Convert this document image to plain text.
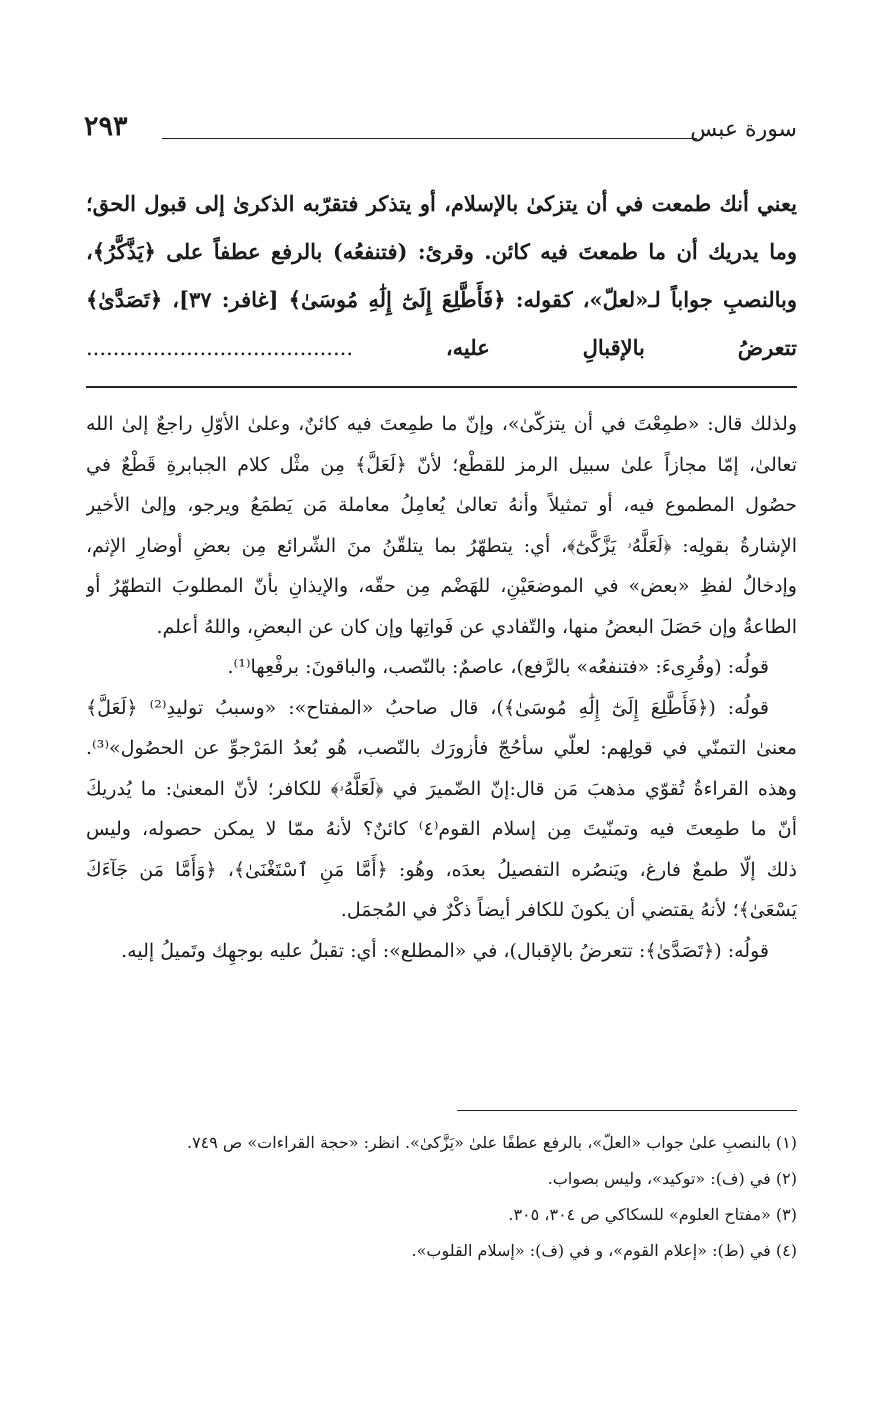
٢٩٣	سورة عبس
يعني أنك طمعت في أن يتزكىٰ بالإسلام، أو يتذكر فتقرّبه الذكرىٰ إلى قبول الحق؛
وما يدريك أن ما طمعتَ فيه كائن. وقرئ: (فتنفعُه) بالرفع عطفاً على ﴿يَذَّكَّرُ﴾،
وبالنصبِ جواباً لـ«لعلّ»، كقوله: ﴿فَأَطَّلِعَ إِلَىٰٓ إِلَٰهِ مُوسَىٰ﴾ [غافر: ٣٧]، ﴿تَصَدَّىٰ﴾
تتعرضُ بالإقبالِ عليه، ........................................
ولذلك قال: «طمِعْتَ في أن يتزكّىٰ»، وإنّ ما طمِعتَ فيه كائنٌ، وعلىٰ الأوّلِ راجعٌ إلىٰ الله
تعالىٰ، إمّا مجازاً علىٰ سبيل الرمز للقطْع؛ لأنّ ﴿لَعَلَّ﴾ مِن مثْل كلام الجبابرةِ قَطْعٌ في
حصُول المطموع فيه، أو تمثيلاً وأنهُ تعالىٰ يُعامِلُ معاملة مَن يَطمَعُ ويرجو، وإلىٰ الأخير
الإشارةُ بقولِه: ﴿لَعَلَّهُۥ يَزَّكَّىٰٓ﴾، أي: يتطهّرُ بما يتلقّنُ منَ الشّرائع مِن بعضِ أوضارِ الإثم،
وإدخالُ لفظِ «بعض» في الموضعَيْنِ، للهَضْم مِن حقّه، والإيذانِ بأنّ المطلوبَ التطهّرُ أو
الطاعةُ وإن حَصَلَ البعضُ منها، والتّفادي عن فَواتِها وإن كان عن البعضِ، واللهُ أعلم.
قولُه: (وقُرِىءَ: «فتنفعُه» بالرَّفع)، عاصمٌ: بالنّصب، والباقونَ: برفْعِها⁽¹⁾.
قولُه: (﴿فَأَطَّلِعَ إِلَىٰٓ إِلَٰهِ مُوسَىٰ﴾)، قال صاحبُ «المفتاح»: «وسببُ توليدِ⁽²⁾ ﴿لَعَلَّ﴾
معنىٰ التمنّي في قولِهم: لعلّي سأحُجّ فأزورَك بالنّصب، هُو بُعدُ المَرْجوِّ عن الحصُول»⁽³⁾.
وهذه القراءةُ تُقوّي مذهبَ مَن قال:إنّ الضّميرَ في ﴿لَعَلَّهُۥ﴾ للكافر؛ لأنّ المعنىٰ: ما يُدريكَ
أنّ ما طمِعتَ فيه وتمنّيتَ مِن إسلام القوم⁽٤⁾ كائنٌ؟ لأنهُ ممّا لا يمكن حصوله، وليس
ذلك إلّا طمعٌ فارغ، ويَنصُره التفصيلُ بعدَه، وهُو: ﴿أَمَّا مَنِ ٱسْتَغْنَىٰ﴾، ﴿وَأَمَّا مَن جَآءَكَ
يَسْعَىٰ﴾؛ لأنهُ يقتضي أن يكونَ للكافر أيضاً ذكْرٌ في المُجمَل.
قولُه: (﴿تَصَدَّىٰ﴾: تتعرضُ بالإقبال)، في «المطلع»: أي: تقبلُ عليه بوجهِك وتَميلُ إليه.
(١) بالنصبِ علىٰ جواب «العلّ»، بالرفع عطفًا علىٰ «يَزَّكىٰ». انظر: «حجة القراءات» ص ٧٤٩.
(٢) في (ف): «توكيد»، وليس بصواب.
(٣) «مفتاح العلوم» للسكاكي ص ٣٠٤، ٣٠٥.
(٤) في (ط): «إعلام القوم»، و في (ف): «إسلام القلوب».
